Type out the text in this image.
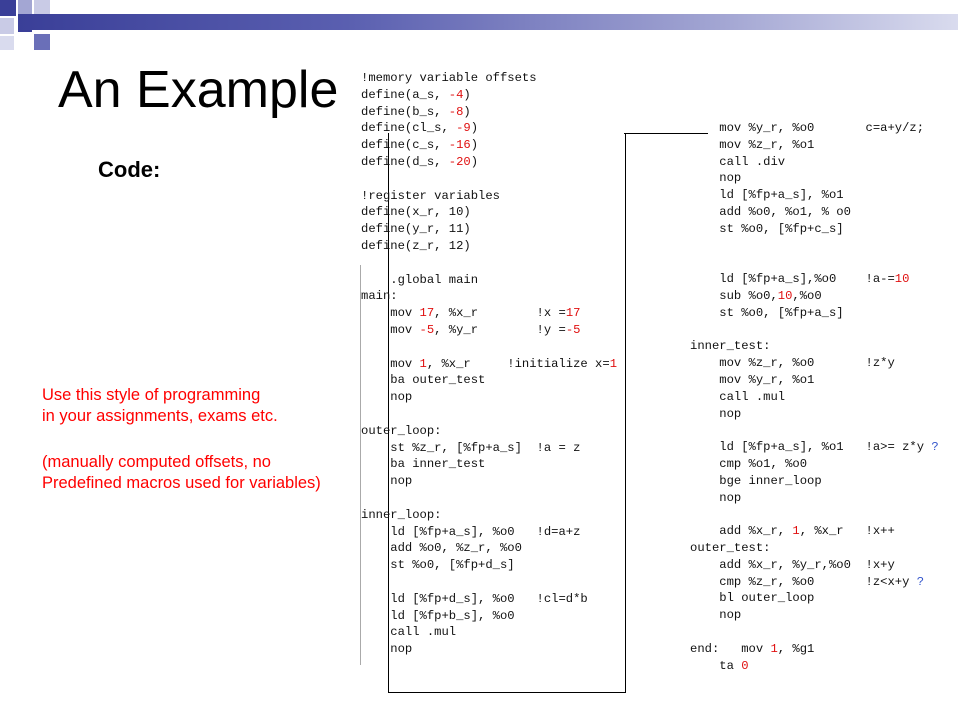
An Example
Code:
Use this style of programming
in your assignments, exams etc.
(manually computed offsets, no
Predefined macros used for variables)
!memory variable offsets
define(a_s, -4)
define(b_s, -8)
define(cl_s, -9)
define(c_s, -16)
define(d_s, -20)
!register variables
define(x_r, 10)
define(y_r, 11)
define(z_r, 12)
.global main
main:
mov 17, %x_r        !x =17
mov -5, %y_r        !y =-5
mov 1, %x_r     !initialize x=1
ba outer_test
nop
outer_loop:
st %z_r, [%fp+a_s]  !a = z
ba inner_test
nop
inner_loop:
ld [%fp+a_s], %o0   !d=a+z
add %o0, %z_r, %o0
st %o0, [%fp+d_s]
ld [%fp+d_s], %o0   !cl=d*b
ld [%fp+b_s], %o0
call .mul
nop
mov %y_r, %o0       c=a+y/z;
mov %z_r, %o1
call .div
nop
ld [%fp+a_s], %o1
add %o0, %o1, % o0
st %o0, [%fp+c_s]
ld [%fp+a_s],%o0    !a-=10
sub %o0,10,%o0
st %o0, [%fp+a_s]
inner_test:
mov %z_r, %o0       !z*y
mov %y_r, %o1
call .mul
nop
ld [%fp+a_s], %o1   !a>= z*y ?
cmp %o1, %o0
bge inner_loop
nop
add %x_r, 1, %x_r   !x++
outer_test:
add %x_r, %y_r,%o0  !x+y
cmp %z_r, %o0       !z<x+y ?
bl outer_loop
nop
end:   mov 1, %g1
ta 0
